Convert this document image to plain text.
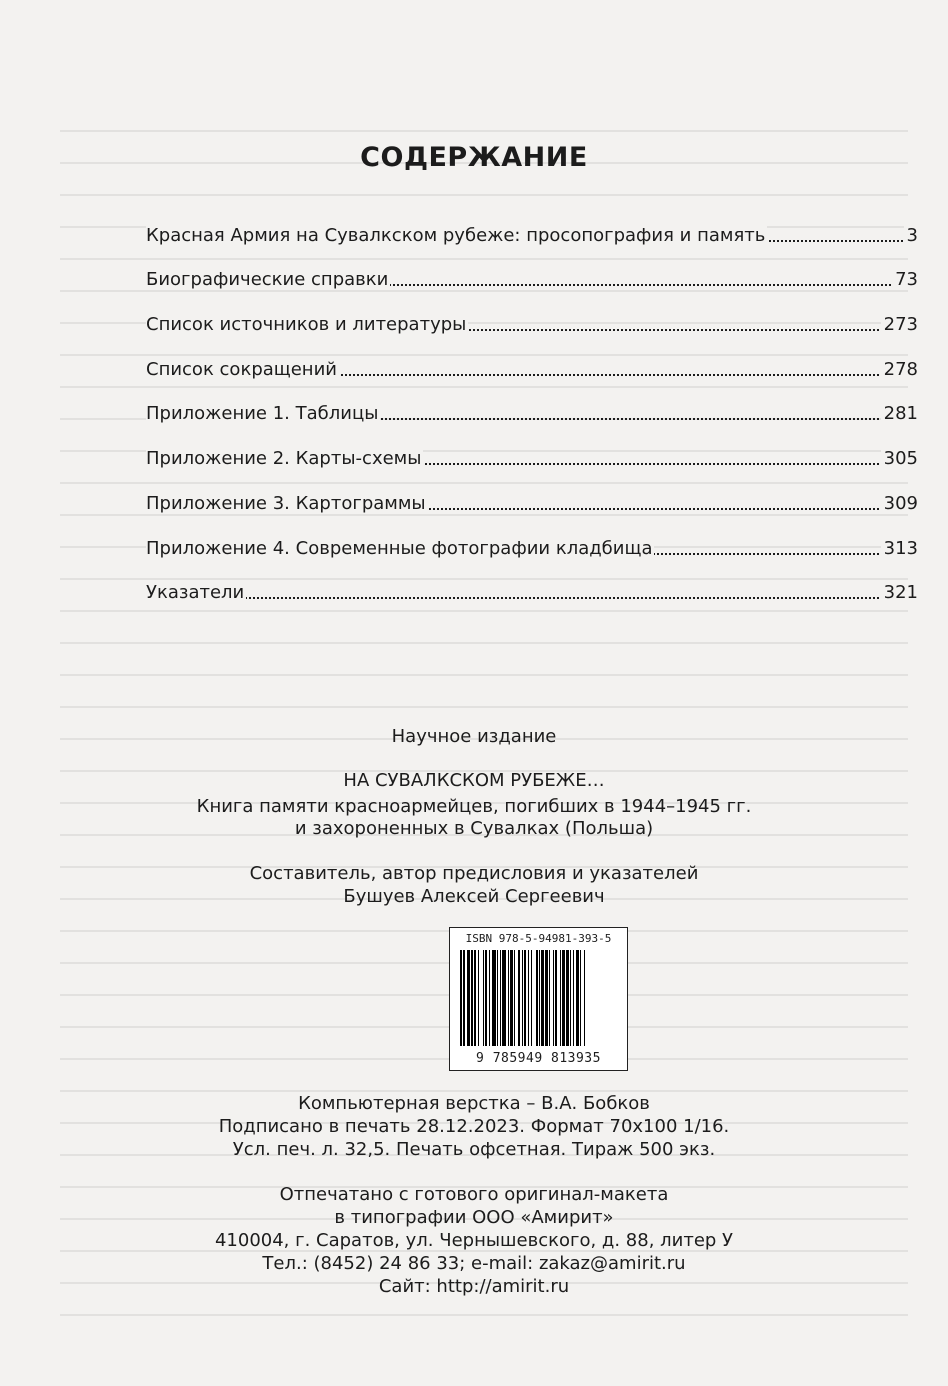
СОДЕРЖАНИЕ
Красная Армия на Сувалкском рубеже: просопография и память	3
Биографические справки	73
Список источников и литературы	273
Список сокращений	278
Приложение 1. Таблицы	281
Приложение 2. Карты-схемы	305
Приложение 3. Картограммы	309
Приложение 4. Современные фотографии кладбища	313
Указатели	321
Научное издание
НА СУВАЛКСКОМ РУБЕЖЕ…
Книга памяти красноармейцев, погибших в 1944–1945 гг.
и захороненных в Сувалках (Польша)
Составитель, автор предисловия и указателей
Бушуев Алексей Сергеевич
ISBN 978-5-94981-393-5
9 785949 813935
Компьютерная верстка – В.А. Бобков
Подписано в печать 28.12.2023. Формат 70х100 1/16.
Усл. печ. л. 32,5. Печать офсетная. Тираж 500 экз.
Отпечатано с готового оригинал-макета
в типографии ООО «Амирит»
410004, г. Саратов, ул. Чернышевского, д. 88, литер У
Тел.: (8452) 24 86 33; e-mail: zakaz@amirit.ru
Сайт: http://amirit.ru
